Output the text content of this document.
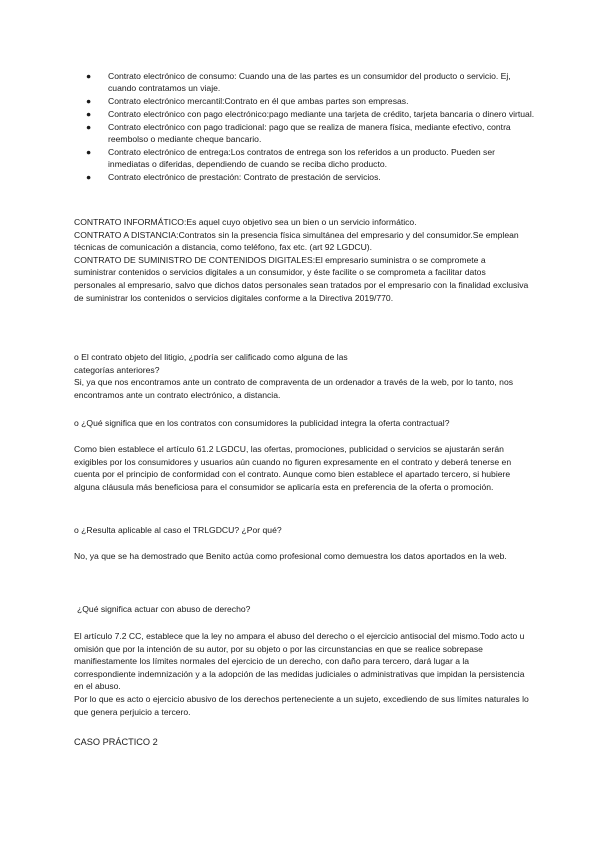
● Contrato electrónico de consumo: Cuando una de las partes es un consumidor del producto o servicio. Ej, cuando contratamos un viaje.
● Contrato electrónico mercantil:Contrato en él que ambas partes son empresas.
● Contrato electrónico con pago electrónico:pago mediante una tarjeta de crédito, tarjeta bancaria o dinero virtual.
● Contrato electrónico con pago tradicional: pago que se realiza de manera física, mediante efectivo, contra reembolso o mediante cheque bancario.
● Contrato electrónico de entrega:Los contratos de entrega son los referidos a un producto. Pueden ser inmediatas o diferidas, dependiendo de cuando se reciba dicho producto.
● Contrato electrónico de prestación: Contrato de prestación de servicios.

CONTRATO INFORMÁTICO:Es aquel cuyo objetivo sea un bien o un servicio informático.

CONTRATO A DISTANCIA:Contratos sin la presencia física simultánea del empresario y del consumidor.Se emplean técnicas de comunicación a distancia, como teléfono, fax etc. (art 92 LGDCU).

CONTRATO DE SUMINISTRO DE CONTENIDOS DIGITALES:El empresario suministra o se compromete a suministrar contenidos o servicios digitales a un consumidor, y éste facilite o se comprometa a facilitar datos personales al empresario, salvo que dichos datos personales sean tratados por el empresario con la finalidad exclusiva de suministrar los contenidos o servicios digitales conforme a la Directiva 2019/770.

o El contrato objeto del litigio, ¿podría ser calificado como alguna de las

categorías anteriores?

Si, ya que nos encontramos ante un contrato de compraventa de un ordenador a través de la web, por lo tanto, nos encontramos ante un contrato electrónico, a distancia.

o ¿Qué significa que en los contratos con consumidores la publicidad integra la oferta contractual?

Como bien establece el artículo 61.2 LGDCU, las ofertas, promociones, publicidad o servicios se ajustarán serán exigibles por los consumidores y usuarios aún cuando no figuren expresamente en el contrato y deberá tenerse en cuenta por el principio de conformidad con el contrato. Aunque como bien establece el apartado tercero, si hubiere alguna cláusula más beneficiosa para el consumidor se aplicaría esta en preferencia de la oferta o promoción.

o ¿Resulta aplicable al caso el TRLGDCU? ¿Por qué?

No, ya que se ha demostrado que Benito actúa como profesional como demuestra los datos aportados en la web.

¿Qué significa actuar con abuso de derecho?

El artículo 7.2 CC, establece que la ley no ampara el abuso del derecho o el ejercicio antisocial del mismo.Todo acto u omisión que por la intención de su autor, por su objeto o por las circunstancias en que se realice sobrepase manifiestamente los límites normales del ejercicio de un derecho, con daño para tercero, dará lugar a la correspondiente indemnización y a la adopción de las medidas judiciales o administrativas que impidan la persistencia en el abuso.

Por lo que es acto o ejercicio abusivo de los derechos perteneciente a un sujeto, excediendo de sus límites naturales lo que genera perjuicio a tercero.

CASO PRÁCTICO 2
